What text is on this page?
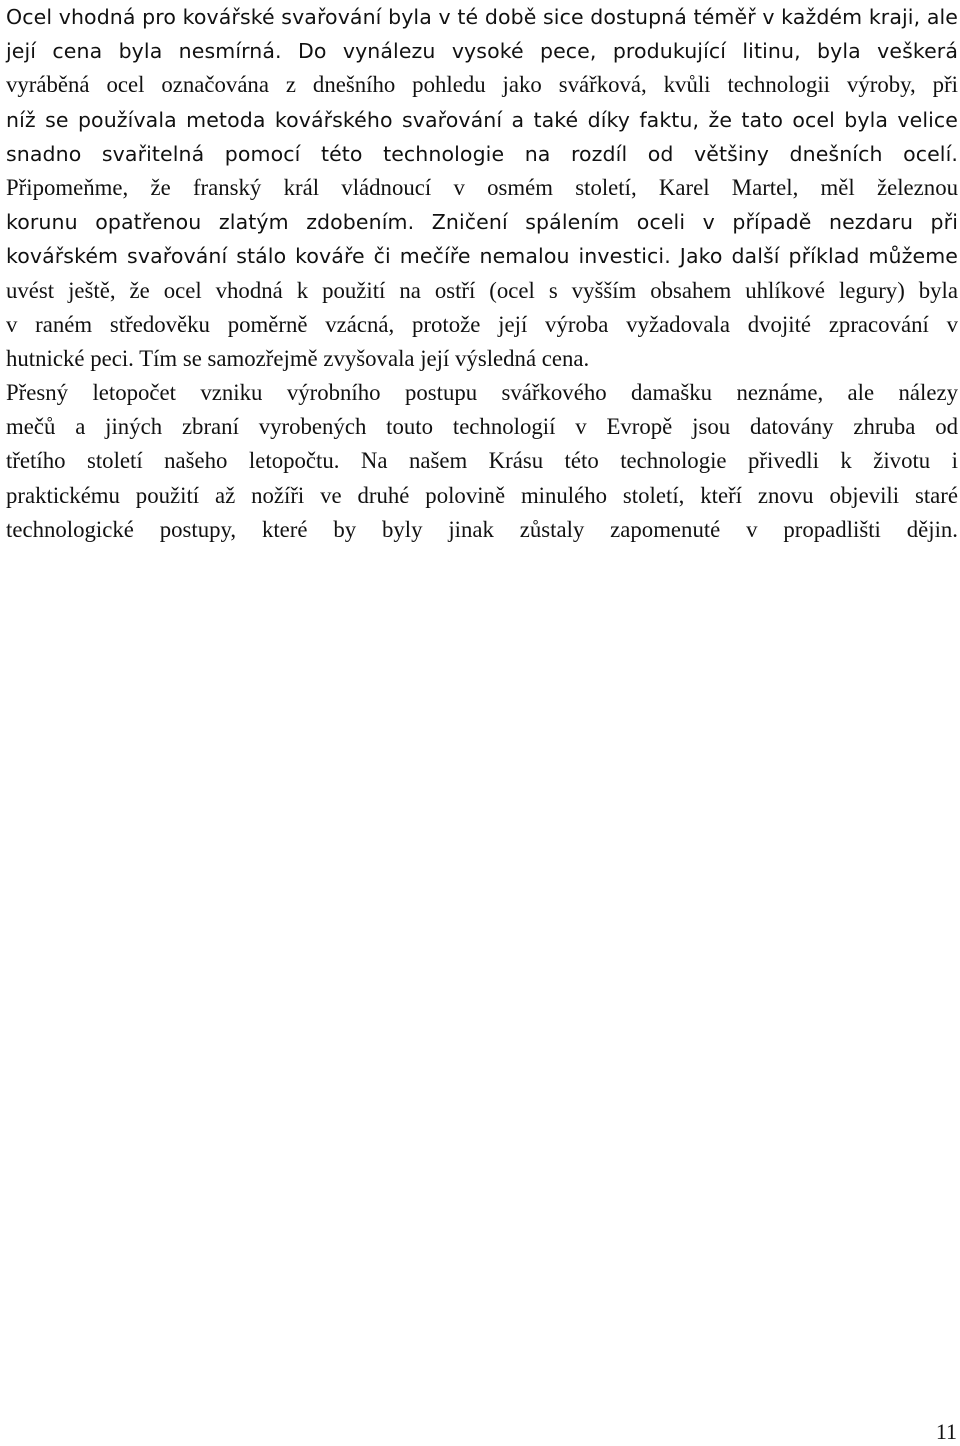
Ocel vhodná pro kovářské svařování byla v té době sice dostupná téměř v každém kraji, ale
její cena byla nesmírná. Do vynálezu vysoké pece, produkující litinu, byla veškerá
vyráběná ocel označována z dnešního pohledu jako svářková, kvůli technologii výroby, při
níž se používala metoda kovářského svařování a také díky faktu, že tato ocel byla velice
snadno svařitelná pomocí této technologie na rozdíl od většiny dnešních ocelí.
Připomeňme, že franský král vládnoucí v osmém století, Karel Martel, měl železnou
korunu opatřenou zlatým zdobením. Zničení spálením oceli v případě nezdaru při
kovářském svařování stálo kováře či mečíře nemalou investici. Jako další příklad můžeme
uvést ještě, že ocel vhodná k použití na ostří (ocel s vyšším obsahem uhlíkové legury) byla
v raném středověku poměrně vzácná, protože její výroba vyžadovala dvojité zpracování v
hutnické peci. Tím se samozřejmě zvyšovala její výsledná cena.
Přesný letopočet vzniku výrobního postupu svářkového damašku neznáme, ale nálezy
mečů a jiných zbraní vyrobených touto technologií v Evropě jsou datovány zhruba od
třetího století našeho letopočtu. Na našem Krásu této technologie přivedli k životu i
praktickému použití až nožíři ve druhé polovině minulého století, kteří znovu objevili staré
technologické postupy, které by byly jinak zůstaly zapomenuté v propadlišti dějin.
11
